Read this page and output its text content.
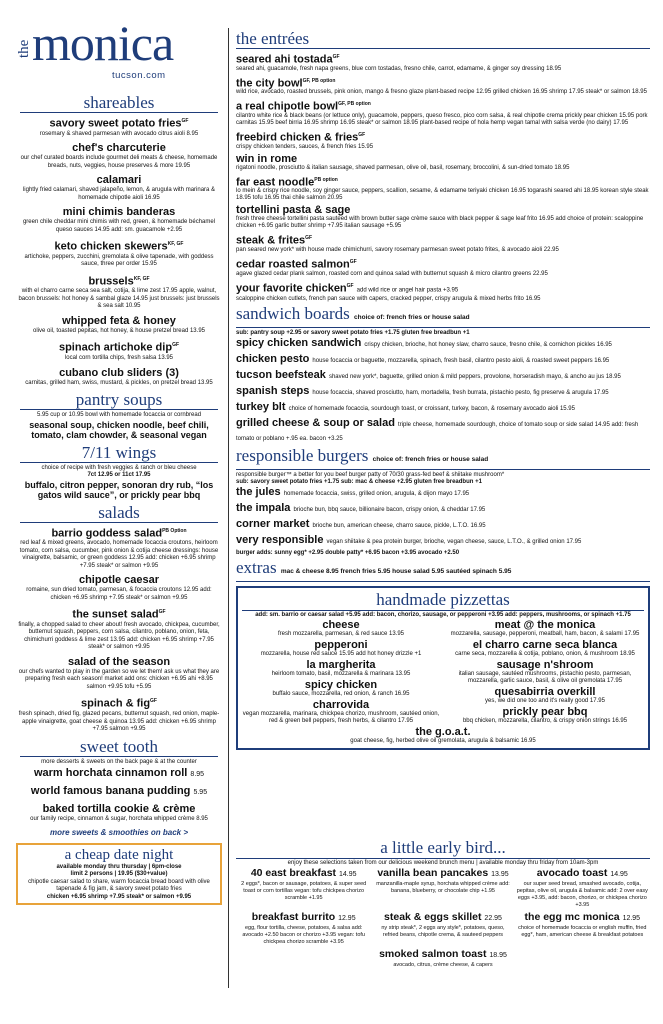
the monica
tucson.com
shareables
savory sweet potato fries$^{GF}$
rosemary & shaved parmesan with avocado citrus aioli 8.95
chef's charcuterie
our chef curated boards include gourmet deli meats & cheese, homemade breads, nuts, veggies, house preserves & more 19.95
calamari
lightly fried calamari, shaved jalapeño, lemon, & arugula with marinara & homemade chipotle aioli 16.95
mini chimis banderas
green chile cheddar mini chimis with red, green, & homemade béchamel queso sauces 14.95 add: sm. guacamole +2.95
keto chicken skewers$^{KF, GF}$
artichoke, peppers, zucchini, gremolata & olive tapenade, with goddess sauce, three per order 15.95
brussels$^{KF, GF}$
with el charro carne seca sea salt, cotija, & lime zest 17.95 apple, walnut, bacon brussels: hot honey & sambal glaze 14.95 just brussels: just brussels & sea salt 10.95
whipped feta & honey
olive oil, toasted pepitas, hot honey, & house pretzel bread 13.95
spinach artichoke dip$^{GF}$
local corn tortilla chips, fresh salsa 13.95
cubano club sliders (3)
carnitas, grilled ham, swiss, mustard, & pickles, on pretzel bread 13.95
pantry soups
5.95 cup or 10.95 bowl with homemade focaccia or cornbread
seasonal soup, chicken noodle, beef chili, tomato, clam chowder, & seasonal vegan
7/11 wings
choice of recipe with fresh veggies & ranch or bleu cheese
7ct 12.95 or 11ct 17.95
buffalo, citron pepper, sonoran dry rub, “los gatos wild sauce”, or prickly pear bbq
salads
barrio goddess salad$^{PB Option}$
red leaf & mixed greens, avocado, homemade focaccia croutons, heirloom tomato, corn salsa, cucumber, pink onion & cotija cheese dressings: house vinaigrette, balsamic, or green goddess 12.95 add: chicken +6.95 shrimp +7.95 steak* or salmon +9.95
chipotle caesar
romaine, sun dried tomato, parmesan, & focaccia croutons 12.95 add: chicken +6.95 shrimp +7.95 steak* or salmon +9.95
the sunset salad$^{GF}$
finally, a chopped salad to cheer about! fresh avocado, chickpea, cucumber, butternut squash, peppers, corn salsa, cilantro, poblano, onion, feta, chimichurri goddess & lime zest 13.95 add: chicken +6.95 shrimp +7.95 steak* or salmon +9.95
salad of the season
our chefs wanted to play in the garden so we let them! ask us what they are preparing fresh each season! market add ons: chicken +6.95 ahi +8.95 salmon +9.95 tofu +5.95
spinach & fig$^{GF}$
fresh spinach, dried fig, glazed pecans, butternut squash, red onion, maple-apple vinaigrette, goat cheese & quinoa 13.95 add: chicken +6.95 shrimp +7.95 salmon +9.95
sweet tooth
more desserts & sweets on the back page & at the counter
warm horchata cinnamon roll 8.95
world famous banana pudding 5.95
baked tortilla cookie & crème
our family recipe, cinnamon & sugar, horchata whipped crème 8.95
more sweets & smoothies on back >
a cheap date night
available monday thru thursday | 6pm-close
limit 2 persons | 19.95 ($30+value)
chipotle caesar salad to share, warm focaccia bread board with olive tapenade & fig jam, & savory sweet potato fries
chicken +6.95 shrimp +7.95 steak* or salmon +9.95
the entrées
seared ahi tostada$^{GF}$
seared ahi, guacamole, fresh napa greens, blue corn tostadas, fresno chile, carrot, edamame, & ginger soy dressing 18.95
the city bowl$^{GF, PB option}$
wild rice, avocado, roasted brussels, pink onion, mango & fresno glaze plant-based recipe 12.95 grilled chicken 16.95 shrimp 17.95 steak* or salmon 18.95
a real chipotle bowl$^{GF, PB option}$
cilantro white rice & black beans (or lettuce only), guacamole, peppers, queso fresco, pico corn salsa, & real chipotle crema prickly pear chicken 15.95 pork carnitas 15.95 beef birria 16.95 shrimp 16.95 steak* or salmon 18.95 plant-based recipe of hola hemp vegan tamal with salsa verde (no dairy) 17.95
freebird chicken & fries$^{GF}$
crispy chicken tenders, sauces, & french fries 15.95
win in rome
rigatoni noodle, prosciutto & italian sausage, shaved parmesan, olive oil, basil, rosemary, broccolini, & sun-dried tomato 18.95
far east noodle$^{PB option}$
lo mein & crispy rice noodle, soy ginger sauce, peppers, scallion, sesame, & edamame teriyaki chicken 16.95 togarashi seared ahi 18.95 korean style steak 18.95 tofu 16.95 thai chile salmon 20.95
tortellini pasta & sage
fresh three cheese tortellini pasta sauteed with brown butter sage crème sauce with black pepper & sage leaf frito 16.95 add choice of protein: scaloppine chicken +6.95 garlic butter shrimp +7.95 italian sausage +5.95
steak & frites$^{GF}$
pan seared new york* with house made chimichurri, savory rosemary parmesan sweet potato frites, & avocado aioli 22.95
cedar roasted salmon$^{GF}$
agave glazed cedar plank salmon, roasted corn and quinoa salad with butternut squash & micro cilantro greens 22.95
your favorite chicken$^{GF}$ add wild rice or angel hair pasta +3.95
scaloppine chicken cutlets, french pan sauce with capers, cracked pepper, crispy arugula & mixed herbs frito 16.95
sandwich boards choice of: french fries or house salad
sub: pantry soup +2.95 or savory sweet potato fries +1.75 gluten free breadbun +1
spicy chicken sandwich crispy chicken, brioche, hot honey slaw, charro sauce, fresno chile, & cornichon pickles 16.95
chicken pesto house focaccia or baguette, mozzarella, spinach, fresh basil, cilantro pesto aioli, & roasted sweet peppers 16.95
tucson beefsteak shaved new york*, baguette, grilled onion & mild peppers, provolone, horseradish mayo, & ancho au jus 18.95
spanish steps house focaccia, shaved prosciutto, ham, mortadella, fresh burrata, pistachio pesto, fig preserve & arugula 17.95
turkey blt choice of homemade focaccia, sourdough toast, or croissant, turkey, bacon, & rosemary avocado aioli 15.95
grilled cheese & soup or salad triple cheese, homemade sourdough, choice of tomato soup or side salad 14.95 add: fresh tomato or poblano +.95 ea. bacon +3.25
responsible burgers choice of: french fries or house salad
responsible burger™ a better for you beef burger patty of 70/30 grass-fed beef & shiitake mushroom*
sub: savory sweet potato fries +1.75 sub: mac & cheese +2.95 gluten free breadbun +1
the jules homemade focaccia, swiss, grilled onion, arugula, & dijon mayo 17.95
the impala brioche bun, bbq sauce, billionaire bacon, crispy onion, & cheddar 17.95
corner market brioche bun, american cheese, charro sauce, pickle, L.T.O. 16.95
very responsible vegan shiitake & pea protein burger, brioche, vegan cheese, sauce, L.T.O., & grilled onion 17.95
burger adds: sunny egg* +2.95 double patty* +6.95 bacon +3.95 avocado +2.50
extras mac & cheese 8.95 french fries 5.95 house salad 5.95 sautéed spinach 5.95
handmade pizzettas
add: sm. barrio or caesar salad +5.95 add: bacon, chorizo, sausage, or pepperoni +3.95 add: peppers, mushrooms, or spinach +1.75
cheese
fresh mozzarella, parmesan, & red sauce 13.95
pepperoni
mozzarella, house red sauce 15.95 add hot honey drizzle +1
la margherita
heirloom tomato, basil, mozzarella & marinara 13.95
spicy chicken
buffalo sauce, mozzarella, red onion, & ranch 16.95
charrovida
vegan mozzarella, marinara, chickpea chorizo, mushroom, sautéed onion, red & green bell peppers, fresh herbs, & cilantro 17.95
meat @ the monica
mozzarella, sausage, pepperoni, meatball, ham, bacon, & salami 17.95
el charro carne seca blanca
carne seca, mozzarella & cotija, poblano, onion, & mushroom 18.95
sausage n'shroom
italian sausage, sautéed mushrooms, pistachio pesto, parmesan, mozzarella, garlic sauce, basil, & olive oil gremolata 17.95
quesabirria overkill
yes, we did one too and it's really good 17.95
prickly pear bbq
bbq chicken, mozzarella, cilantro, & crispy onion strings 16.95
the g.o.a.t.
goat cheese, fig, herbed olive oil gremolata, arugula & balsamic 16.95
a little early bird...
enjoy these selections taken from our delicious weekend brunch menu | available monday thru friday from 10am-3pm
40 east breakfast 14.95
2 eggs*, bacon or sausage, potatoes, & super seed toast or corn tortillas vegan: tofu chickpea chorizo scramble +1.95
vanilla bean pancakes 13.95
manzanilla-maple syrup, horchata whipped crème add: banana, blueberry, or chocolate chip +1.95
avocado toast 14.95
our super seed bread, smashed avocado, cotija, pepitas, olive oil, arugula & balsamic add: 2 over easy eggs +3.95, add: bacon, chorizo, or chickpea chorizo +3.95
breakfast burrito 12.95
egg, flour tortilla, cheese, potatoes, & salsa add: avocado +2.50 bacon or chorizo +3.95 vegan: tofu chickpea chorizo scramble +3.95
steak & eggs skillet 22.95
ny strip steak*, 2 eggs any style*, potatoes, queso, refried beans, chipotle crema, & sauteed peppers
the egg mc monica 12.95
choice of homemade focaccia or english muffin, fried egg*, ham, american cheese & breakfast potatoes
smoked salmon toast 18.95
avocado, citrus, crème cheese, & capers
